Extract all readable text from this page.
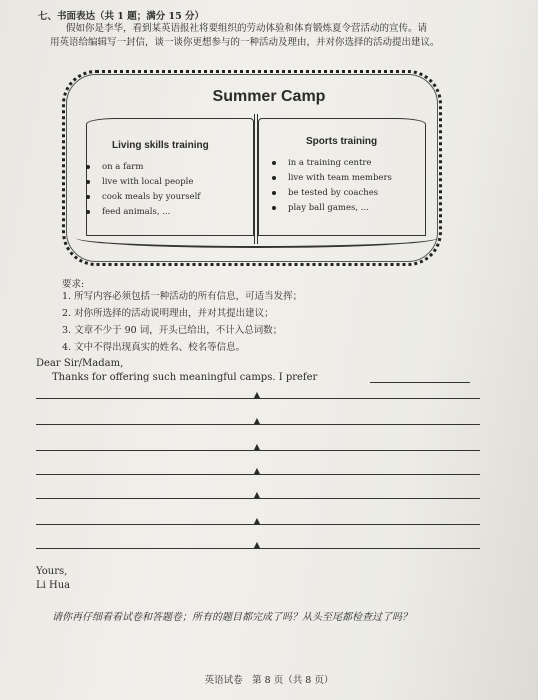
七、书面表达（共 1 题；满分 15 分）
假如你是李华，看到某英语报社将要组织的劳动体验和体育锻炼夏令营活动的宣传。请
用英语给编辑写一封信，谈一谈你更想参与的一种活动及理由，并对你选择的活动提出建议。
Summer Camp
Living skills training
on a farm
live with local people
cook meals by yourself
feed animals, ...
Sports training
in a training centre
live with team members
be tested by coaches
play ball games, ...
要求:
1. 所写内容必须包括一种活动的所有信息，可适当发挥；
2. 对你所选择的活动说明理由，并对其提出建议；
3. 文章不少于 90 词，开头已给出，不计入总词数；
4. 文中不得出现真实的姓名、校名等信息。
Dear Sir/Madam,
Thanks for offering such meaningful camps. I prefer
▲
▲
▲
▲
▲
▲
▲
Yours,
Li Hua
请你再仔细看看试卷和答题卷；所有的题目都完成了吗？从头至尾都检查过了吗？
英语试卷　第 8 页（共 8 页）
